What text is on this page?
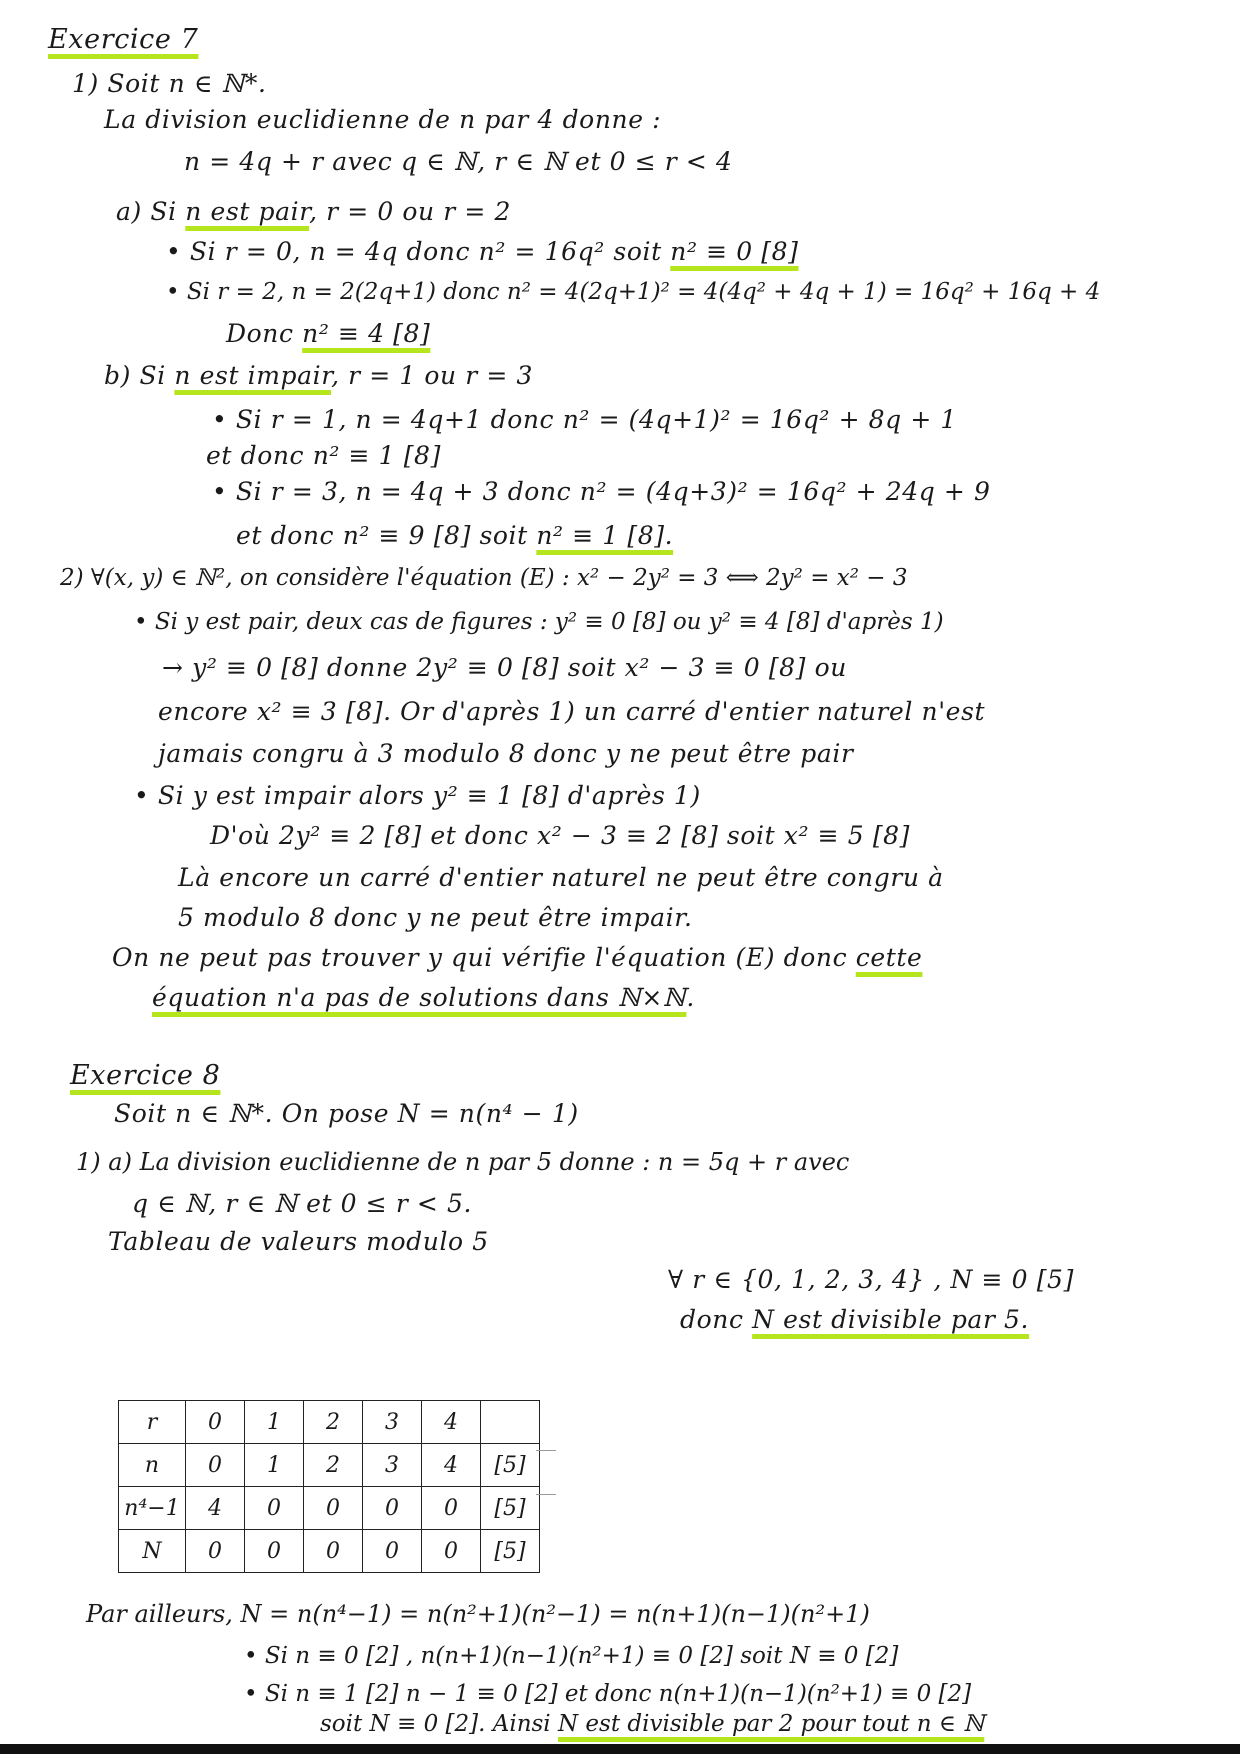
Exercice 7
1) Soit n ∈ ℕ*.
La division euclidienne de n par 4 donne :
n = 4q + r avec q ∈ ℕ, r ∈ ℕ et 0 ≤ r < 4
a) Si n est pair, r = 0 ou r = 2
• Si r = 0, n = 4q donc n² = 16q² soit n² ≡ 0 [8]
• Si r = 2, n = 2(2q+1) donc n² = 4(2q+1)² = 4(4q² + 4q + 1) = 16q² + 16q + 4
Donc n² ≡ 4 [8]
b) Si n est impair, r = 1 ou r = 3
• Si r = 1, n = 4q+1 donc n² = (4q+1)² = 16q² + 8q + 1
et donc n² ≡ 1 [8]
• Si r = 3, n = 4q + 3 donc n² = (4q+3)² = 16q² + 24q + 9
et donc n² ≡ 9 [8] soit n² ≡ 1 [8].
2) ∀(x, y) ∈ ℕ², on considère l'équation (E) : x² − 2y² = 3 ⟺ 2y² = x² − 3
• Si y est pair, deux cas de figures : y² ≡ 0 [8] ou y² ≡ 4 [8] d'après 1)
→ y² ≡ 0 [8] donne 2y² ≡ 0 [8] soit x² − 3 ≡ 0 [8] ou
encore x² ≡ 3 [8]. Or d'après 1) un carré d'entier naturel n'est
jamais congru à 3 modulo 8 donc y ne peut être pair
• Si y est impair alors y² ≡ 1 [8] d'après 1)
D'où 2y² ≡ 2 [8] et donc x² − 3 ≡ 2 [8] soit x² ≡ 5 [8]
Là encore un carré d'entier naturel ne peut être congru à
5 modulo 8 donc y ne peut être impair.
On ne peut pas trouver y qui vérifie l'équation (E) donc cette
équation n'a pas de solutions dans ℕ×ℕ.
Exercice 8
Soit n ∈ ℕ*. On pose N = n(n⁴ − 1)
1) a) La division euclidienne de n par 5 donne : n = 5q + r avec
q ∈ ℕ, r ∈ ℕ et 0 ≤ r < 5.
Tableau de valeurs modulo 5
r	0	1	2	3	4	
n	0	1	2	3	4	[5]
n⁴−1	4	0	0	0	0	[5]
N	0	0	0	0	0	[5]
∀ r ∈ {0, 1, 2, 3, 4} , N ≡ 0 [5]
donc N est divisible par 5.
Par ailleurs, N = n(n⁴−1) = n(n²+1)(n²−1) = n(n+1)(n−1)(n²+1)
• Si n ≡ 0 [2] , n(n+1)(n−1)(n²+1) ≡ 0 [2] soit N ≡ 0 [2]
• Si n ≡ 1 [2] n − 1 ≡ 0 [2] et donc n(n+1)(n−1)(n²+1) ≡ 0 [2]
soit N ≡ 0 [2]. Ainsi N est divisible par 2 pour tout n ∈ ℕ
